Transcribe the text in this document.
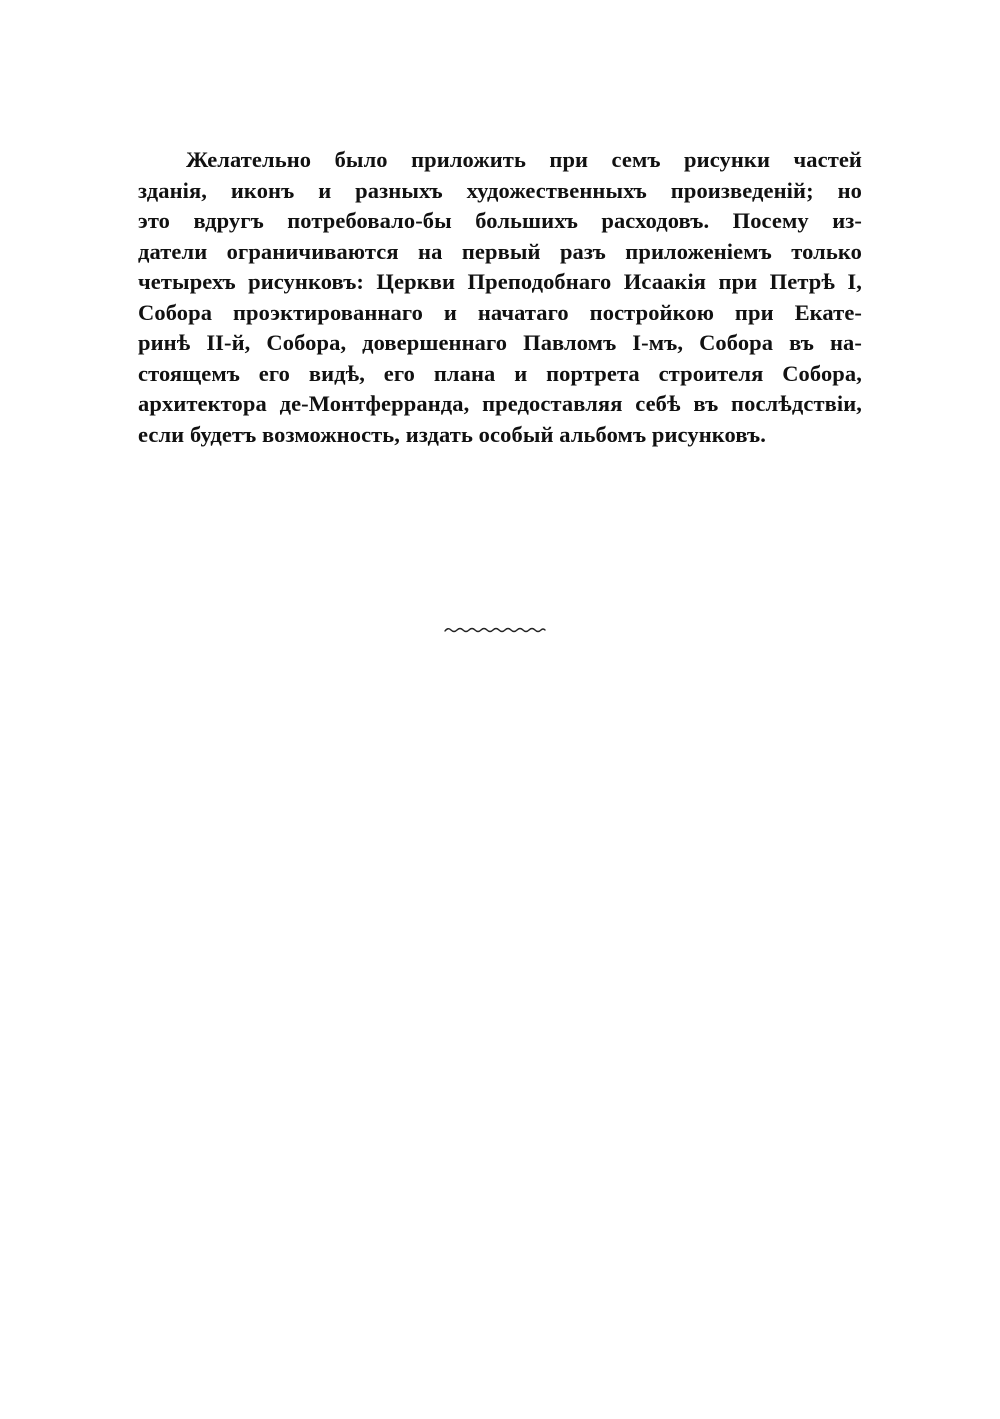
Желательно было приложить при семъ рисунки частей
зданія, иконъ и разныхъ художественныхъ произведеній; но
это вдругъ потребовало-бы большихъ расходовъ. Посему из-
датели ограничиваются на первый разъ приложеніемъ только
четырехъ рисунковъ: Церкви Преподобнаго Исаакія при Петрѣ I,
Собора проэктированнаго и начатаго постройкою при Екате-
ринѣ II-й, Собора, довершеннаго Павломъ I-мъ, Собора въ на-
стоящемъ его видѣ, его плана и портрета строителя Собора,
архитектора де-Монтферранда, предоставляя себѣ въ послѣдствіи,
если будетъ возможность, издать особый альбомъ рисунковъ.
